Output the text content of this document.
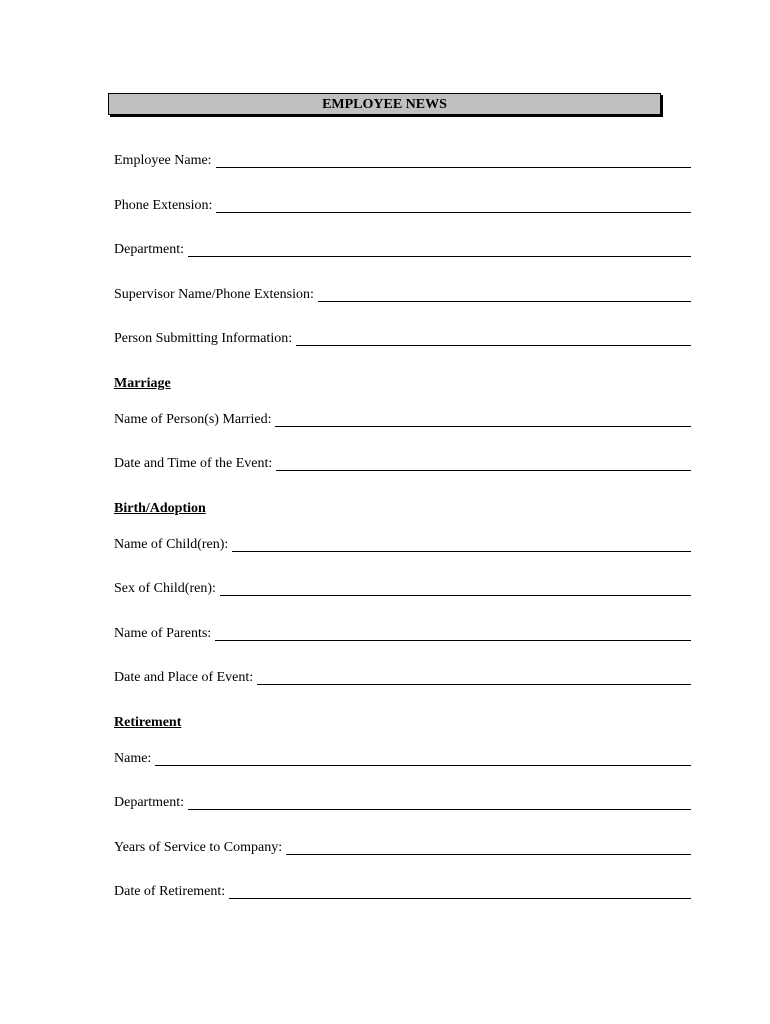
EMPLOYEE NEWS
Employee Name:
Phone Extension:
Department:
Supervisor Name/Phone Extension:
Person Submitting Information:
Marriage
Name of Person(s) Married:
Date and Time of the Event:
Birth/Adoption
Name of Child(ren):
Sex of Child(ren):
Name of Parents:
Date and Place of Event:
Retirement
Name:
Department:
Years of Service to Company:
Date of Retirement:
